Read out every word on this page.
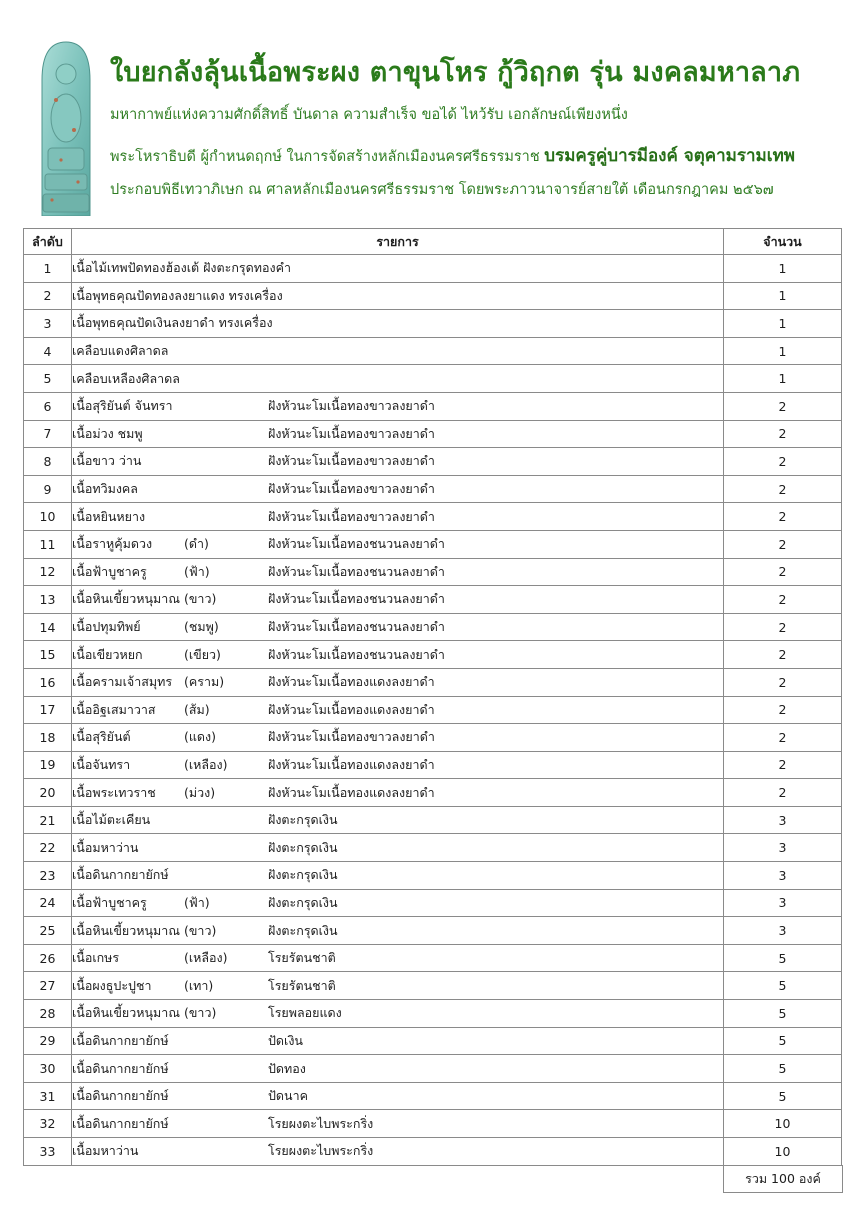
ใบยกลังลุ้นเนื้อพระผง ตาขุนโหร กู้วิฤกต รุ่น มงคลมหาลาภ
มหากาพย์แห่งความศักดิ์สิทธิ์ บันดาล ความสำเร็จ ขอได้ ไหว้รับ เอกลักษณ์เพียงหนึ่ง
พระโหราธิบดี ผู้กำหนดฤกษ์ ในการจัดสร้างหลักเมืองนครศรีธรรมราช บรมครูคู่บารมีองค์ จตุคามรามเทพ
ประกอบพิธีเทวาภิเษก ณ ศาลหลักเมืองนครศรีธรรมราช โดยพระภาวนาจารย์สายใต้ เดือนกรกฎาคม ๒๕๖๗
ลำดับ	รายการ	จำนวน
1	เนื้อไม้เทพปัดทองฮ้องเต้ ฝังตะกรุดทองคำ	1
2	เนื้อพุทธคุณปัดทองลงยาแดง ทรงเครื่อง	1
3	เนื้อพุทธคุณปัดเงินลงยาดำ ทรงเครื่อง	1
4	เคลือบแดงศิลาดล	1
5	เคลือบเหลืองศิลาดล	1
6	เนื้อสุริยันต์ จันทรา ฝังหัวนะโมเนื้อทองขาวลงยาดำ	2
7	เนื้อม่วง ชมพู ฝังหัวนะโมเนื้อทองขาวลงยาดำ	2
8	เนื้อขาว ว่าน ฝังหัวนะโมเนื้อทองขาวลงยาดำ	2
9	เนื้อทวิมงคล ฝังหัวนะโมเนื้อทองขาวลงยาดำ	2
10	เนื้อหยินหยาง ฝังหัวนะโมเนื้อทองขาวลงยาดำ	2
11	เนื้อราหูคุ้มดวง (ดำ) ฝังหัวนะโมเนื้อทองชนวนลงยาดำ	2
12	เนื้อฟ้าบูชาครู (ฟ้า) ฝังหัวนะโมเนื้อทองชนวนลงยาดำ	2
13	เนื้อหินเขี้ยวหนุมาณ (ขาว) ฝังหัวนะโมเนื้อทองชนวนลงยาดำ	2
14	เนื้อปทุมทิพย์ (ชมพู) ฝังหัวนะโมเนื้อทองชนวนลงยาดำ	2
15	เนื้อเขียวหยก (เขียว) ฝังหัวนะโมเนื้อทองชนวนลงยาดำ	2
16	เนื้อครามเจ้าสมุทร (คราม) ฝังหัวนะโมเนื้อทองแดงลงยาดำ	2
17	เนื้ออิฐเสมาวาส (ส้ม) ฝังหัวนะโมเนื้อทองแดงลงยาดำ	2
18	เนื้อสุริยันต์ (แดง) ฝังหัวนะโมเนื้อทองขาวลงยาดำ	2
19	เนื้อจันทรา (เหลือง) ฝังหัวนะโมเนื้อทองแดงลงยาดำ	2
20	เนื้อพระเทวราช (ม่วง) ฝังหัวนะโมเนื้อทองแดงลงยาดำ	2
21	เนื้อไม้ตะเคียน ฝังตะกรุดเงิน	3
22	เนื้อมหาว่าน ฝังตะกรุดเงิน	3
23	เนื้อดินกากยายักษ์ ฝังตะกรุดเงิน	3
24	เนื้อฟ้าบูชาครู (ฟ้า) ฝังตะกรุดเงิน	3
25	เนื้อหินเขี้ยวหนุมาณ (ขาว) ฝังตะกรุดเงิน	3
26	เนื้อเกษร (เหลือง) โรยรัตนชาติ	5
27	เนื้อผงธูปะปูชา (เทา) โรยรัตนชาติ	5
28	เนื้อหินเขี้ยวหนุมาณ (ขาว) โรยพลอยแดง	5
29	เนื้อดินกากยายักษ์ ปัดเงิน	5
30	เนื้อดินกากยายักษ์ ปัดทอง	5
31	เนื้อดินกากยายักษ์ ปัดนาค	5
32	เนื้อดินกากยายักษ์ โรยผงตะไบพระกริ่ง	10
33	เนื้อมหาว่าน โรยผงตะไบพระกริ่ง	10
รวม 100 องค์
